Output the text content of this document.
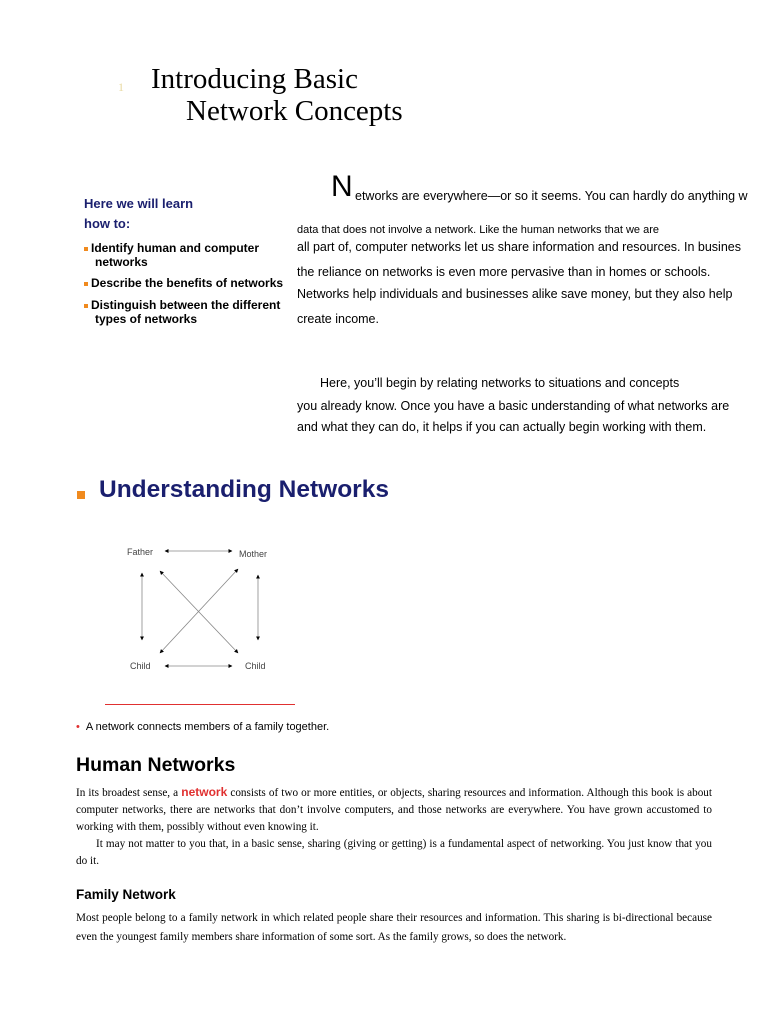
1 Introducing Basic
Network Concepts
Here we will learn
how to:
Identify human and computer
networks
Describe the benefits of networks
Distinguish between the different
types of networks
N etworks are everywhere—or so it seems. You can hardly do anything w
data that does not involve a network. Like the human networks that we are
all part of, computer networks let us share information and resources. In busines
the reliance on networks is even more pervasive than in homes or schools.
Networks help individuals and businesses alike save money, but they also help
create income.
Here, you’ll begin by relating networks to situations and concepts
you already know. Once you have a basic understanding of what networks are
and what they can do, it helps if you can actually begin working with them.
Understanding Networks
Father	Mother
Child	Child
• A network connects members of a family together.
Human Networks
In its broadest sense, a network consists of two or more entities, or objects, sharing resources and information. Although this book is about computer networks, there are networks that don’t involve computers, and those networks are everywhere. You have grown accustomed to working with them, possibly without even knowing it.
It may not matter to you that, in a basic sense, sharing (giving or getting) is a fundamental aspect of networking. You just know that you do it.
Family Network
Most people belong to a family network in which related people share their resources and information. This sharing is bi-directional because even the youngest family members share information of some sort. As the family grows, so does the network.
